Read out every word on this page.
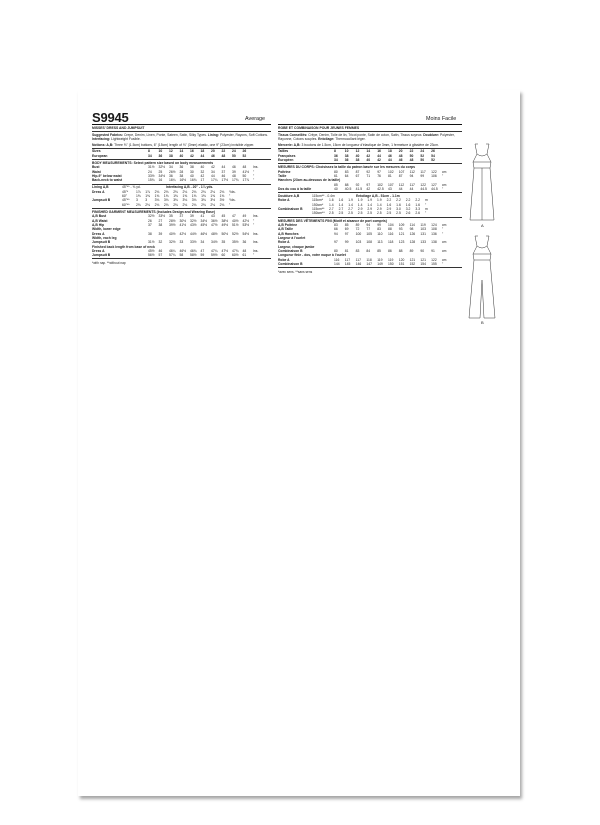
S9945	Average	Moins Facile
MISSES' DRESS AND JUMPSUIT
Suggested Fabrics: Crepe, Denim, Linen, Ponte, Sateen, Satin, Silky Types. Lining: Polyester, Rayons, Soft Cottons. Interfacing: Lightweight Fusible.
Notions: A,B: Three ⅝" (1.5cm) buttons, 6" (15cm) length of ⅛" (3mm) elastic, one 9" (23cm) invisible zipper.
Sizes	8	10	12	14	16	18	20	22	24	26
European	34	36	38	40	42	44	46	48	50	52
BODY MEASUREMENTS: Select pattern size based on body measurements
Bust	31½	32½	34	36	38	40	42	44	46	48	Ins.
Waist	24	25	26½	28	30	32	34	37	39	41½	"
Hip-9" below waist	33½	34½	36	38	40	42	44	46	48	50	"
Back-neck to waist	15¾	16	16¼	16½	16¾	17	17¼	17½	17¾	17⅞	"
Lining A,B	45"** - ⅜ yd.	Interfacing A,B - 20" - 1¼ yds.
Dress A	45"*	1⅞	1⅞	2⅛	2⅛	2⅛	2⅛	2⅛	2⅛	2⅛	2⅛	Yds.
60"	1⅜	1⅜	1⅜	1⅜	1⅜	1⅜	1⅜	1⅜	1⅜	1⅜	"
Jumpsuit B	45"**	3	3	3⅛	3⅛	3⅛	3⅛	3⅛	3⅛	3½	3½	Yds.
60"**	2⅛	2⅛	2⅛	2⅛	2⅛	2⅛	2⅛	2⅛	2⅛	2⅛	"
FINISHED GARMENT MEASUREMENTS (Includes Design and Wearing Ease)
A,B Bust	32½	33½	35	37	39	41	43	45	47	49	Ins.
A,B Waist	26	27	28½	30½	32½	34½	36½	38½	40½	42½	"
A,B Hip	37	38	39½	41½	43½	45½	47½	49½	51½	53½	"
Width, lower edge
Dress A	38	39	40½	42½	44½	46½	48½	50½	52½	54½	Ins.
Width, each leg
Jumpsuit B	31½	32	32½	33	33½	34	34½	35	35½	36	Ins.
Finished back length from base of neck
Dress A	45½	46	46¼	46½	46¾	47	47¼	47½	47¾	48	Ins.
Jumpsuit B	56½	57	57¼	58	58½	59	59½	60	60½	61	"
*with nap. **without nap
ROBE ET COMBINAISON POUR JEUNES FEMMES
Tissus Conseillés: Crêpe, Denim, Toile de lin, Tricot ponte, Satin de coton, Satin, Tissus soyeux. Doublure: Polyester, Rayonne, Cotons souples. Entoilage: Thermocollant léger.
Mercerie: A,B: 3 boutons de 1.5cm, 15cm de longueur d'élastique de 3mm, 1 fermeture à glissière de 23cm.
Tailles	8	10	12	14	16	18	20	22	24	26
Françaises	36	38	40	42	44	46	48	50	52	54
Européen	34	36	38	40	42	44	46	48	50	52
MESURES DU CORPS: Choisissez la taille du patron basée sur les mesures du corps
Poitrine	80	83	87	92	97	102	107	112	117	122	cm
Taille	61	64	67	71	76	81	87	94	99	106	"
Hanches (23cm au-dessous de la taille)
85	88	92	97	102	107	112	117	122	127	cm
Dos du cou à la taille	40	40.5	41.5	42	42.5	43	44	44	44.5	44.5	"
Doublure A,B	115cm** - 0.4m	Entoilage A,B - 51cm - 1.1m
Robe A	115cm*	1.6	1.6	1.9	1.9	1.9	1.9	2.2	2.2	2.2	2.2	m
150cm*	1.4	1.4	1.4	1.4	1.4	1.4	1.6	1.6	1.6	1.6	"
Combinaison B	115cm**	2.7	2.7	2.7	2.9	2.9	2.9	2.9	3.0	3.2	3.3	m
150cm**	2.5	2.5	2.5	2.5	2.5	2.5	2.5	2.5	2.6	2.6	"
MESURES DES VÊTEMENTS FINI (Motif et aisance de port compris)
A,B Poitrine	83	85	89	94	99	104	109	114	119	124	cm
A,B Taille	66	69	72	77	83	88	93	98	103	108	"
A,B Hanches	94	97	100	105	110	116	121	126	131	136	"
Largeur à l'ourlet
Robe A	97	99	103	108	113	118	123	128	133	138	cm
Largeur, chaque jambe
Combinaison B	80	81	83	84	85	86	88	89	90	91	cm
Longueur finie - dos, votre nuque à l'ourlet
Robe A	116	117	117	118	119	119	120	121	121	122	cm
Combinaison B	144	145	146	147	149	150	151	152	154	155	"
*avec sens. **sans sens
A
B
